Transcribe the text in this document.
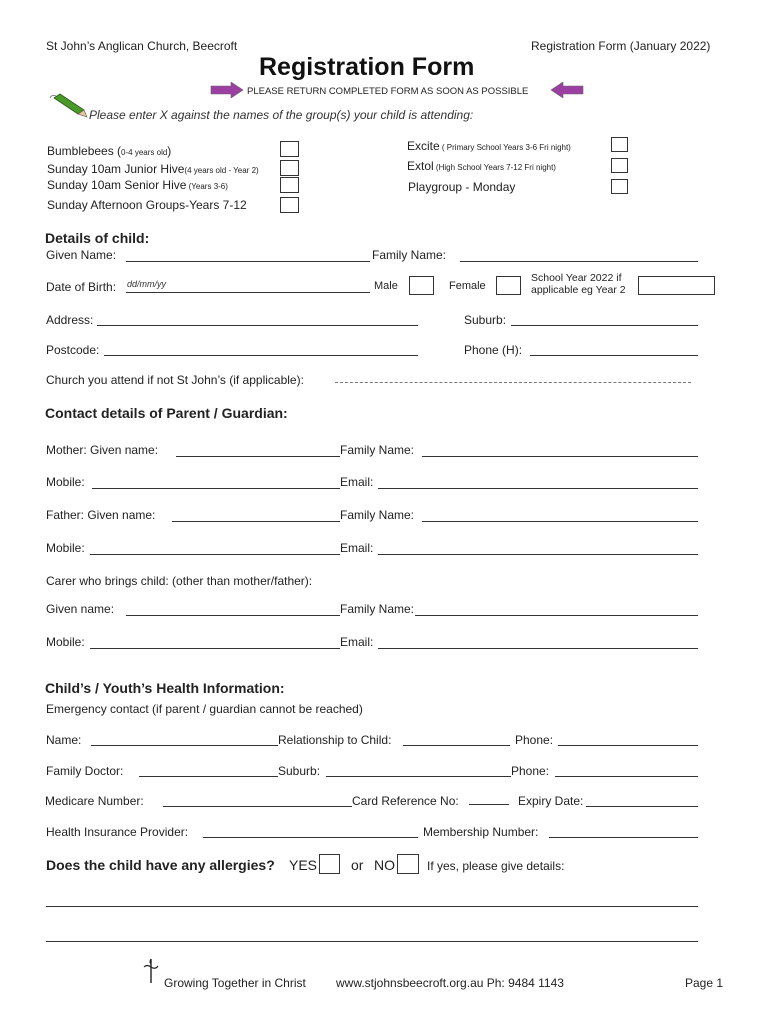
St John’s Anglican Church, Beecroft	Registration Form (January 2022)
Registration Form
PLEASE RETURN COMPLETED FORM AS SOON AS POSSIBLE
Please enter X against the names of the group(s) your child is attending:
Bumblebees (0-4 years old)
Sunday 10am Junior Hive(4 years old - Year 2)
Sunday 10am Senior Hive (Years 3-6)
Sunday Afternoon Groups-Years 7-12
Excite ( Primary School Years 3-6 Fri night)
Extol (High School Years 7-12 Fri night)
Playgroup - Monday
Details of child:
Given Name:	Family Name:
Date of Birth: dd/mm/yy	Male	Female
School Year 2022 if
applicable eg Year 2
Address:	Suburb:
Postcode:	Phone (H):
Church you attend if not St John’s (if applicable):
Contact details of Parent / Guardian:
Mother: Given name:	Family Name:
Mobile:	Email:
Father: Given name:	Family Name:
Mobile:	Email:
Carer who brings child: (other than mother/father):
Given name:	Family Name:
Mobile:	Email:
Child’s / Youth’s Health Information:
Emergency contact (if parent / guardian cannot be reached)
Name:	Relationship to Child:	Phone:
Family Doctor:	Suburb:	Phone:
Medicare Number:	Card Reference No:	Expiry Date:
Health Insurance Provider:	Membership Number:
Does the child have any allergies? YES or NO	If yes, please give details:
Growing Together in Christ	www.stjohnsbeecroft.org.au Ph: 9484 1143	Page 1
